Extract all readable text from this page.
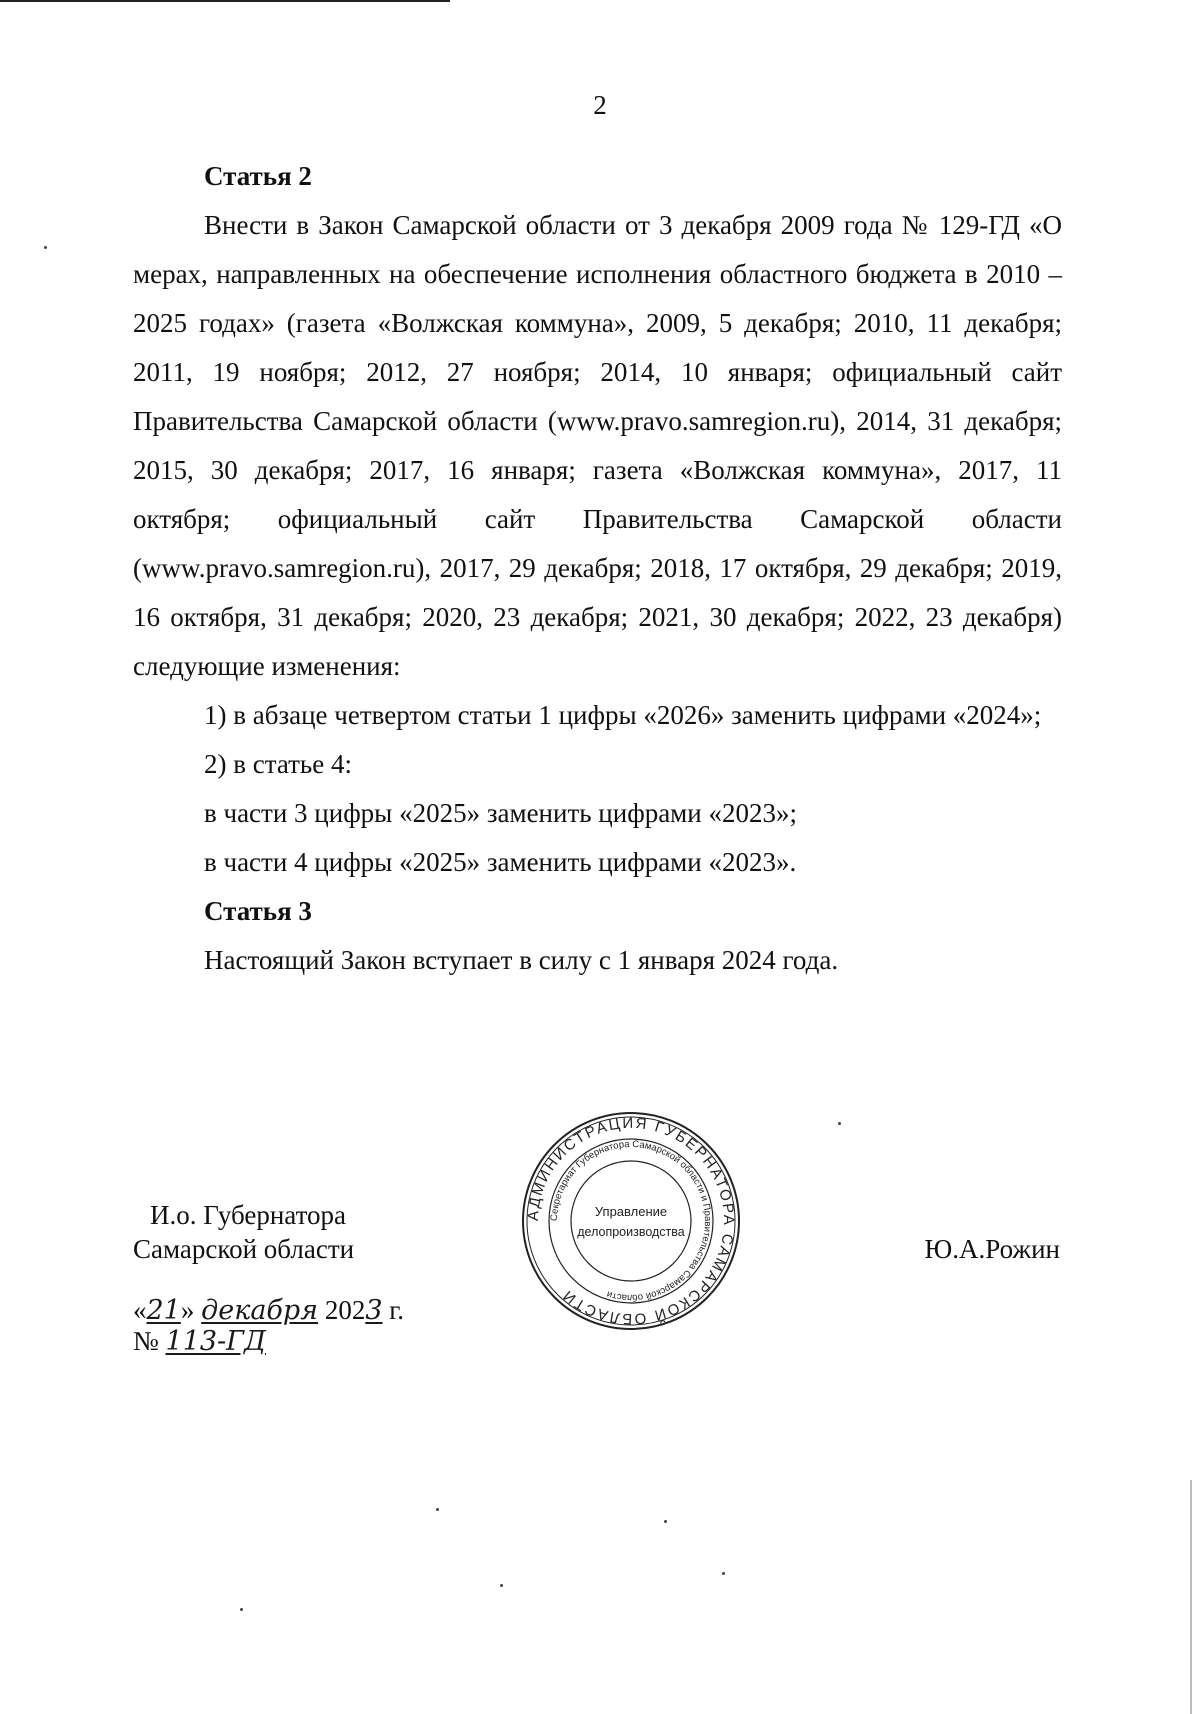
2

Статья 2

Внести в Закон Самарской области от 3 декабря 2009 года № 129-ГД «О мерах, направленных на обеспечение исполнения областного бюджета в 2010 – 2025 годах» (газета «Волжская коммуна», 2009, 5 декабря; 2010, 11 декабря; 2011, 19 ноября; 2012, 27 ноября; 2014, 10 января; официальный сайт Правительства Самарской области (www.pravo.samregion.ru), 2014, 31 декабря; 2015, 30 декабря; 2017, 16 января; газета «Волжская коммуна», 2017, 11 октября; официальный сайт Правительства Самарской области (www.pravo.samregion.ru), 2017, 29 декабря; 2018, 17 октября, 29 декабря; 2019, 16 октября, 31 декабря; 2020, 23 декабря; 2021, 30 декабря; 2022, 23 декабря) следующие изменения:

1) в абзаце четвертом статьи 1 цифры «2026» заменить цифрами «2024»;

2) в статье 4:

в части 3 цифры «2025» заменить цифрами «2023»;

в части 4 цифры «2025» заменить цифрами «2023».

Статья 3

Настоящий Закон вступает в силу с 1 января 2024 года.

АДМИНИСТРАЦИЯ ГУБЕРНАТОРА САМАРСКОЙ ОБЛАСТИ
Секретариат Губернатора Самарской области и Правительства Самарской области
Управление
делопроизводства
И.о. Губернатора
Самарской области	Ю.А.Рожин
«21» декабря 2023 г.
№ 113-ГД
